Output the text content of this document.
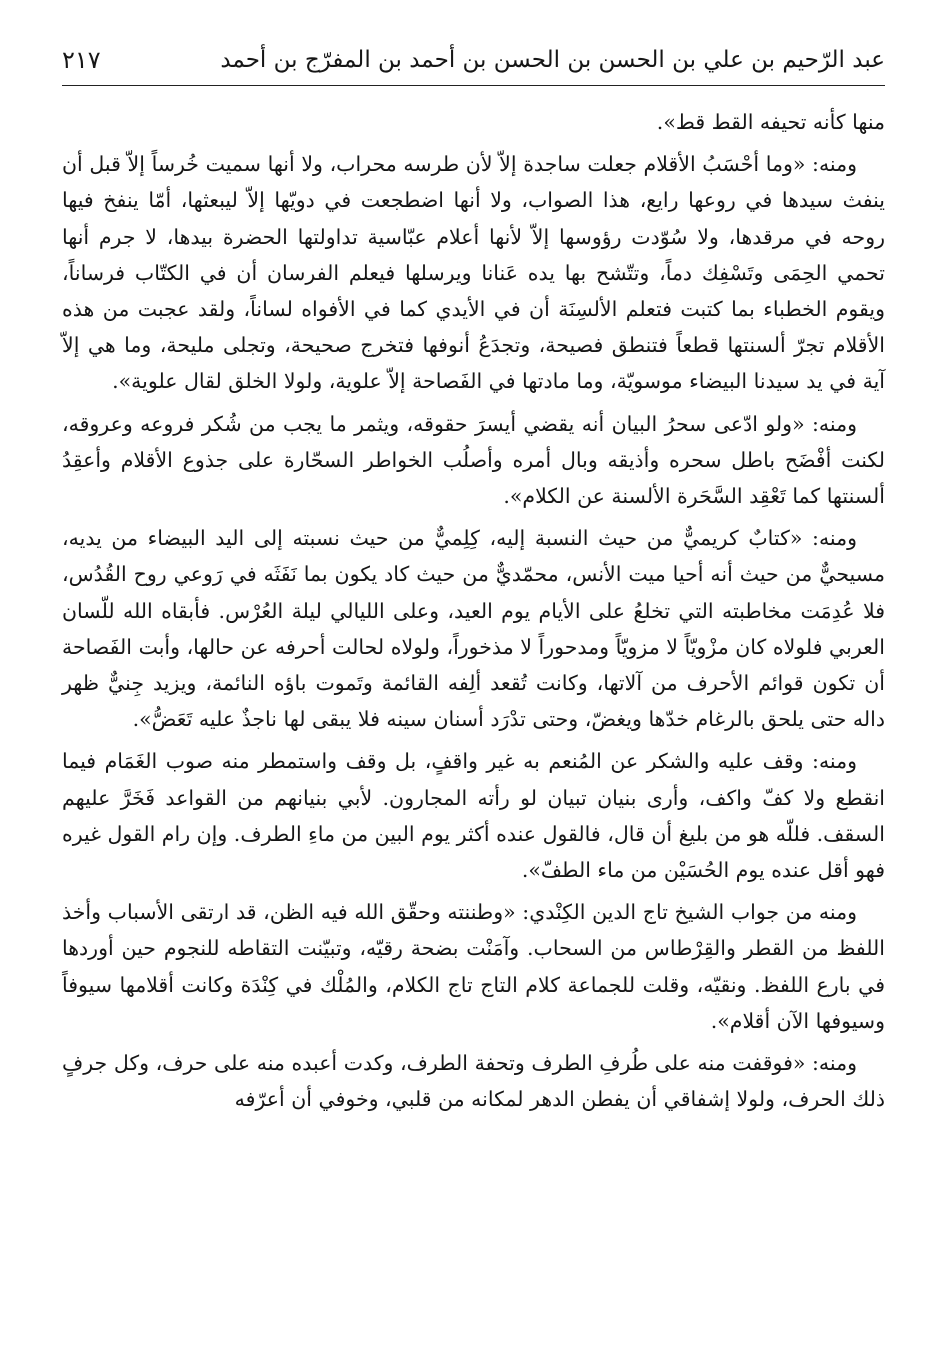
عبد الرّحيم بن علي بن الحسن بن الحسن بن أحمد بن المفرّج بن أحمد
٢١٧

منها كأنه تحيفه القط قط».

ومنه: «وما أحْسَبُ الأقلام جعلت ساجدة إلاّ لأن طرسه محراب، ولا أنها سميت خُرساً إلاّ قبل أن ينفث سيدها في روعها رايع، هذا الصواب، ولا أنها اضطجعت في دويّها إلاّ ليبعثها، أمّا ينفخ فيها روحه في مرقدها، ولا سُوّدت رؤوسها إلاّ لأنها أعلام عبّاسية تداولتها الحضرة بيدها، لا جرم أنها تحمي الحِمَى وتَسْفِك دماً، وتتّشح بها يده عَنانا ويرسلها فيعلم الفرسان أن في الكتّاب فرساناً، ويقوم الخطباء بما كتبت فتعلم الألسِنَة أن في الأيدي كما في الأفواه لساناً، ولقد عجبت من هذه الأقلام تجرّ ألسنتها قطعاً فتنطق فصيحة، وتجدَعُ أنوفها فتخرج صحيحة، وتجلى مليحة، وما هي إلاّ آية في يد سيدنا البيضاء موسويّة، وما مادتها في الفَصاحة إلاّ علوية، ولولا الخلق لقال علوية».

ومنه: «ولو ادّعى سحرُ البيان أنه يقضي أيسرَ حقوقه، ويثمر ما يجب من شُكر فروعه وعروقه، لكنت أفْضَح باطل سحره وأذيقه وبال أمره وأصلُب الخواطر السحّارة على جذوع الأقلام وأعقِدُ ألسنتها كما تَعْقِد السَّحَرة الألسنة عن الكلام».

ومنه: «كتابٌ كريميٌّ من حيث النسبة إليه، كِلِميٌّ من حيث نسبته إلى اليد البيضاء من يديه، مسيحيٌّ من حيث أنه أحيا ميت الأنس، محمّديٌّ من حيث كاد يكون بما نَفَثَه في رَوعي روح القُدُس، فلا عُدِمَت مخاطبته التي تخلعُ على الأيام يوم العيد، وعلى الليالي ليلة العُرْس. فأبقاه الله للّسان العربي فلولاه كان مزْويّاً لا مزويّاً ومدحوراً لا مذخوراً، ولولاه لحالت أحرفه عن حالها، وأبت الفَصاحة أن تكون قوائم الأحرف من آلاتها، وكانت تُقعد ألِفه القائمة وتَموت باؤه النائمة، ويزيد جِنيٌّ ظهر داله حتى يلحق بالرغام خدّها ويغضّ، وحتى تدْرَد أسنان سينه فلا يبقى لها ناجذٌ عليه تَعَضُّ».

ومنه: وقف عليه والشكر عن المُنعم به غير واقفٍ، بل وقف واستمطر منه صوب الغَمَام فيما انقطع ولا كفّ واكف، وأرى بنيان تبيان لو رأته المجارون. لأبي بنيانهم من القواعد فَخَرَّ عليهم السقف. فللّه هو من بليغ أن قال، فالقول عنده أكثر يوم البين من ماءِ الطرف. وإن رام القول غيره فهو أقل عنده يوم الحُسَيْن من ماء الطفّ».

ومنه من جواب الشيخ تاج الدين الكِنْدي: «وطننته وحقّق الله فيه الظن، قد ارتقى الأسباب وأخذ اللفظ من القطر والقِرْطاس من السحاب. وآمَنْت بضحة رقيّه، وتبيّنت التقاطه للنجوم حين أوردها في بارع اللفظ. ونقيّه، وقلت للجماعة كلام التاج تاج الكلام، والمُلْك في كِنْدَة وكانت أقلامها سيوفاً وسيوفها الآن أقلام».

ومنه: «فوقفت منه على طُرفِ الطرف وتحفة الطرف، وكدت أعبده منه على حرف، وكل جرفٍ ذلك الحرف، ولولا إشفاقي أن يفطن الدهر لمكانه من قلبي، وخوفي أن أعرّفه
